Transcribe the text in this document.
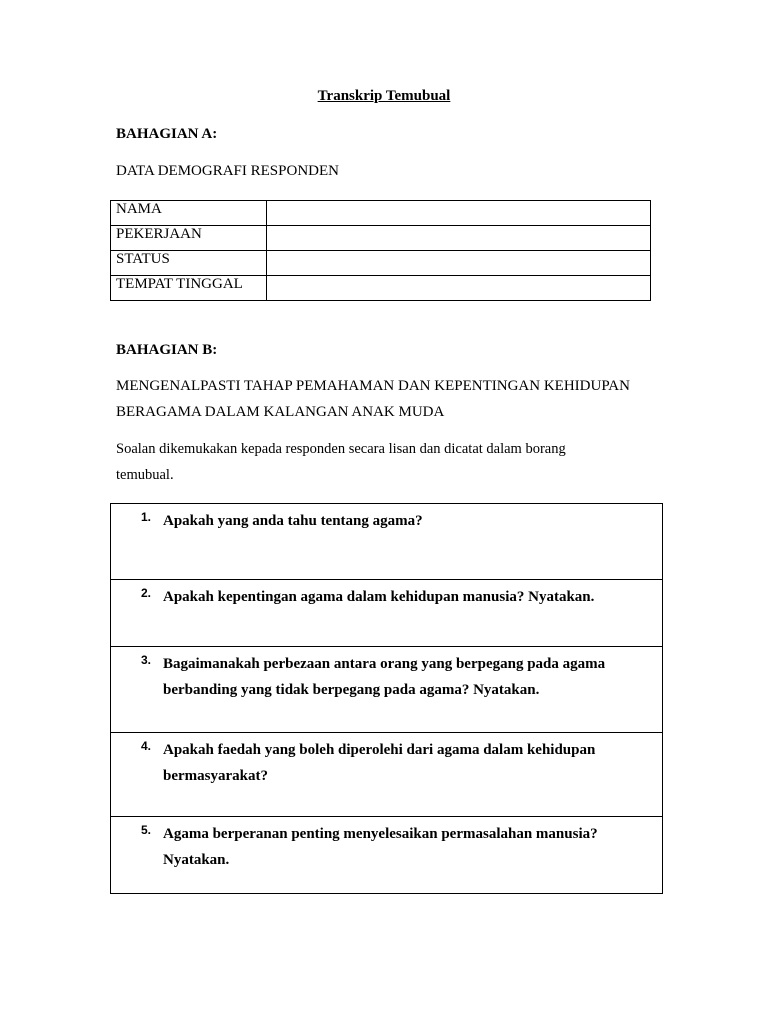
Transkrip Temubual
BAHAGIAN A:
DATA DEMOGRAFI RESPONDEN
NAMA	
PEKERJAAN	
STATUS	
TEMPAT TINGGAL	
BAHAGIAN B:
MENGENALPASTI TAHAP PEMAHAMAN DAN KEPENTINGAN KEHIDUPAN
BERAGAMA DALAM KALANGAN ANAK MUDA
Soalan dikemukakan kepada responden secara lisan dan dicatat dalam borang
temubual.
1. Apakah yang anda tahu tentang agama?
2. Apakah kepentingan agama dalam kehidupan manusia? Nyatakan.
3. Bagaimanakah perbezaan antara orang yang berpegang pada agama berbanding yang tidak berpegang pada agama? Nyatakan.
4. Apakah faedah yang boleh diperolehi dari agama dalam kehidupan bermasyarakat?
5. Agama berperanan penting menyelesaikan permasalahan manusia? Nyatakan.
